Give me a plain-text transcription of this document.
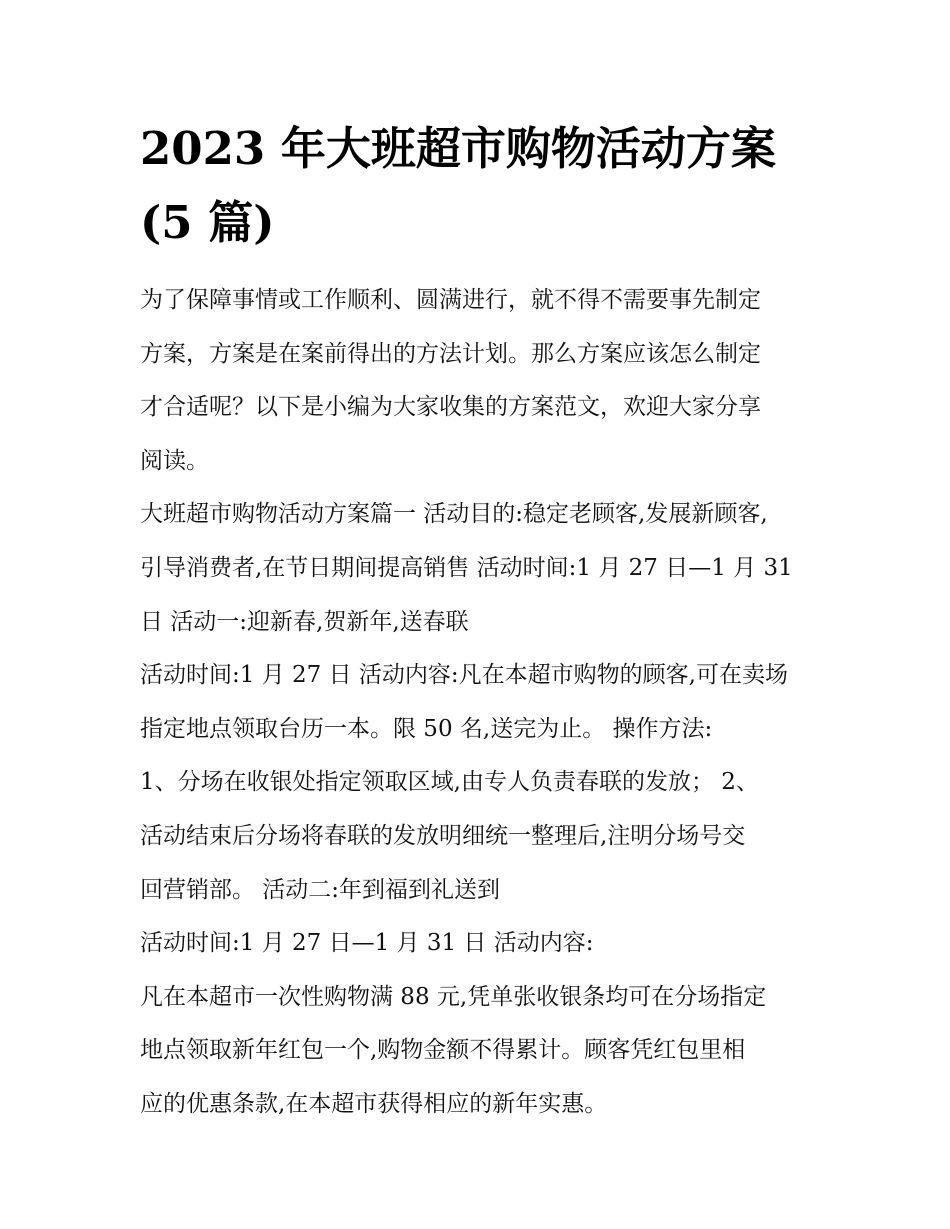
2023 年大班超市购物活动方案
(5 篇)
为了保障事情或工作顺利、圆满进行，就不得不需要事先制定
方案，方案是在案前得出的方法计划。那么方案应该怎么制定
才合适呢？以下是小编为大家收集的方案范文，欢迎大家分享
阅读。
大班超市购物活动方案篇一 活动目的:稳定老顾客,发展新顾客,
引导消费者,在节日期间提高销售 活动时间:1 月 27 日—1 月 31
日 活动一:迎新春,贺新年,送春联
活动时间:1 月 27 日 活动内容:凡在本超市购物的顾客,可在卖场
指定地点领取台历一本。限 50 名,送完为止。 操作方法:
1、分场在收银处指定领取区域,由专人负责春联的发放； 2、
活动结束后分场将春联的发放明细统一整理后,注明分场号交
回营销部。 活动二:年到福到礼送到
活动时间:1 月 27 日—1 月 31 日 活动内容:
凡在本超市一次性购物满 88 元,凭单张收银条均可在分场指定
地点领取新年红包一个,购物金额不得累计。顾客凭红包里相
应的优惠条款,在本超市获得相应的新年实惠。
